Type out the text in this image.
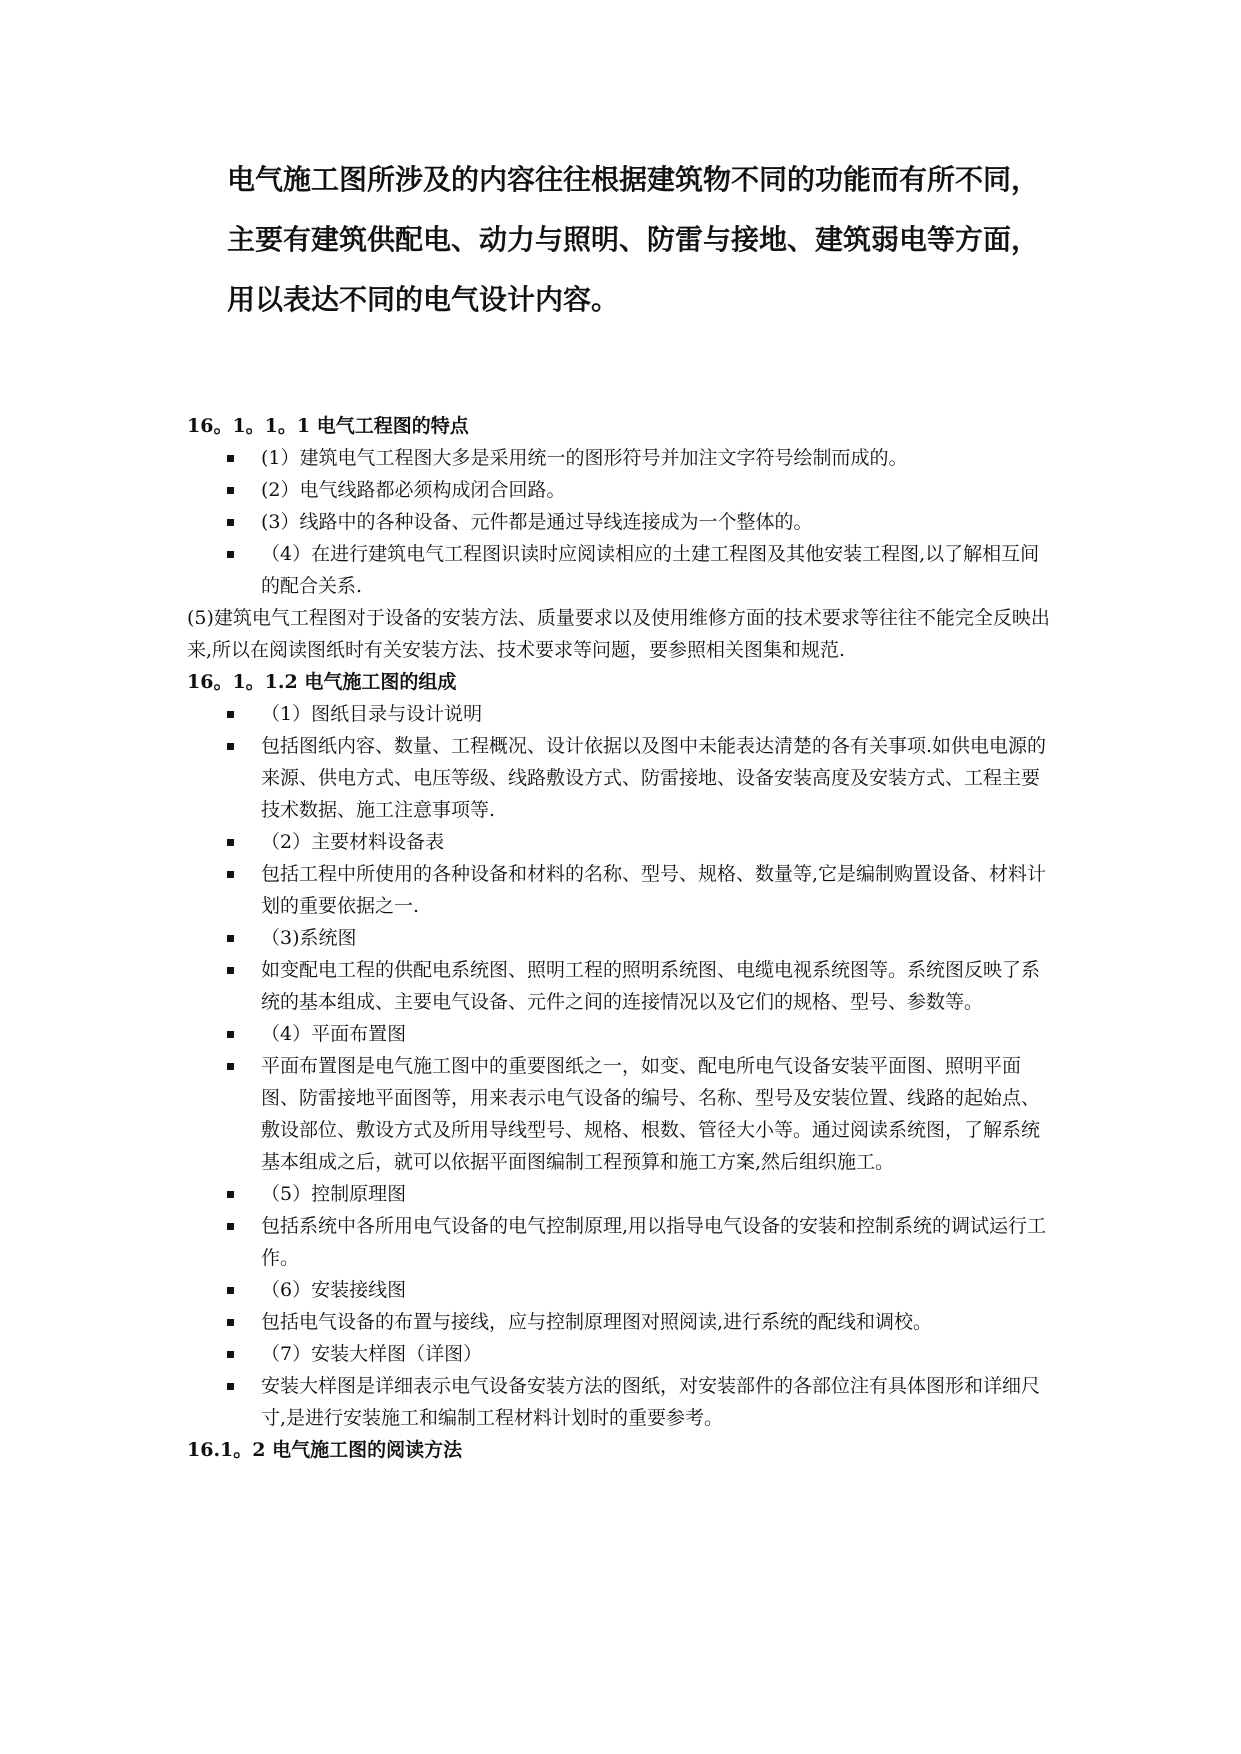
电气施工图所涉及的内容往往根据建筑物不同的功能而有所不同，主要有建筑供配电、动力与照明、防雷与接地、建筑弱电等方面，用以表达不同的电气设计内容。

16。1。1。1 电气工程图的特点

(1）建筑电气工程图大多是采用统一的图形符号并加注文字符号绘制而成的。
(2）电气线路都必须构成闭合回路。
(3）线路中的各种设备、元件都是通过导线连接成为一个整体的。
（4）在进行建筑电气工程图识读时应阅读相应的土建工程图及其他安装工程图,以了解相互间的配合关系.

(5)建筑电气工程图对于设备的安装方法、质量要求以及使用维修方面的技术要求等往往不能完全反映出来,所以在阅读图纸时有关安装方法、技术要求等问题，要参照相关图集和规范.

16。1。1.2 电气施工图的组成

（1）图纸目录与设计说明
包括图纸内容、数量、工程概况、设计依据以及图中未能表达清楚的各有关事项.如供电电源的来源、供电方式、电压等级、线路敷设方式、防雷接地、设备安装高度及安装方式、工程主要技术数据、施工注意事项等.
（2）主要材料设备表
包括工程中所使用的各种设备和材料的名称、型号、规格、数量等,它是编制购置设备、材料计划的重要依据之一.
（3)系统图
如变配电工程的供配电系统图、照明工程的照明系统图、电缆电视系统图等。系统图反映了系统的基本组成、主要电气设备、元件之间的连接情况以及它们的规格、型号、参数等。
（4）平面布置图
平面布置图是电气施工图中的重要图纸之一，如变、配电所电气设备安装平面图、照明平面图、防雷接地平面图等，用来表示电气设备的编号、名称、型号及安装位置、线路的起始点、敷设部位、敷设方式及所用导线型号、规格、根数、管径大小等。通过阅读系统图，了解系统基本组成之后，就可以依据平面图编制工程预算和施工方案,然后组织施工。
（5）控制原理图
包括系统中各所用电气设备的电气控制原理,用以指导电气设备的安装和控制系统的调试运行工作。
（6）安装接线图
包括电气设备的布置与接线，应与控制原理图对照阅读,进行系统的配线和调校。
（7）安装大样图（详图）
安装大样图是详细表示电气设备安装方法的图纸，对安装部件的各部位注有具体图形和详细尺寸,是进行安装施工和编制工程材料计划时的重要参考。

16.1。2 电气施工图的阅读方法
